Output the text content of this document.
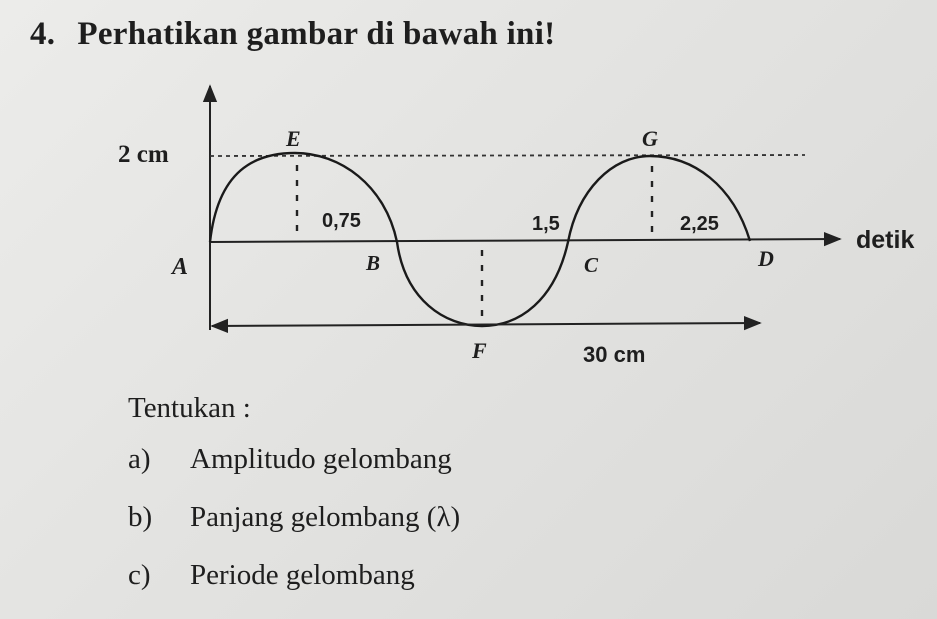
4. Perhatikan gambar di bawah ini!
2 cm
detik
30 cm
A	B	C	D
E
F
G
0,75	1,5	2,25
Tentukan :
a) Amplitudo gelombang
b) Panjang gelombang (λ)
c) Periode gelombang
